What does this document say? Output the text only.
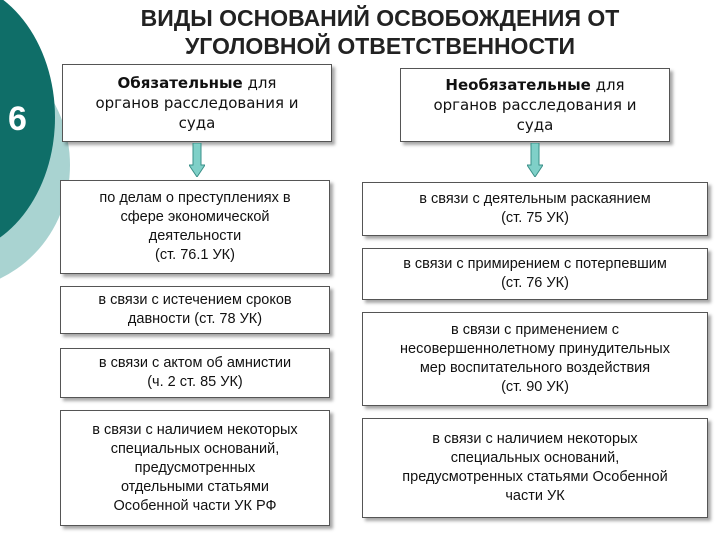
6
ВИДЫ ОСНОВАНИЙ ОСВОБОЖДЕНИЯ ОТ
УГОЛОВНОЙ ОТВЕТСТВЕННОСТИ
Обязательные для
органов расследования и
суда
Необязательные для
органов расследования и
суда
по делам о преступлениях в
сфере экономической
деятельности
(ст. 76.1 УК)
в связи с истечением сроков
давности (ст. 78 УК)
в связи с актом об амнистии
(ч. 2 ст. 85 УК)
в связи с наличием некоторых
специальных оснований,
предусмотренных
отдельными статьями
Особенной части УК РФ
в связи с деятельным раскаянием
(ст. 75 УК)
в связи с примирением с потерпевшим
(ст. 76 УК)
в связи с применением с
несовершеннолетному принудительных
мер воспитательного воздействия
(ст. 90 УК)
в связи с наличием некоторых
специальных оснований,
предусмотренных статьями Особенной
части УК
